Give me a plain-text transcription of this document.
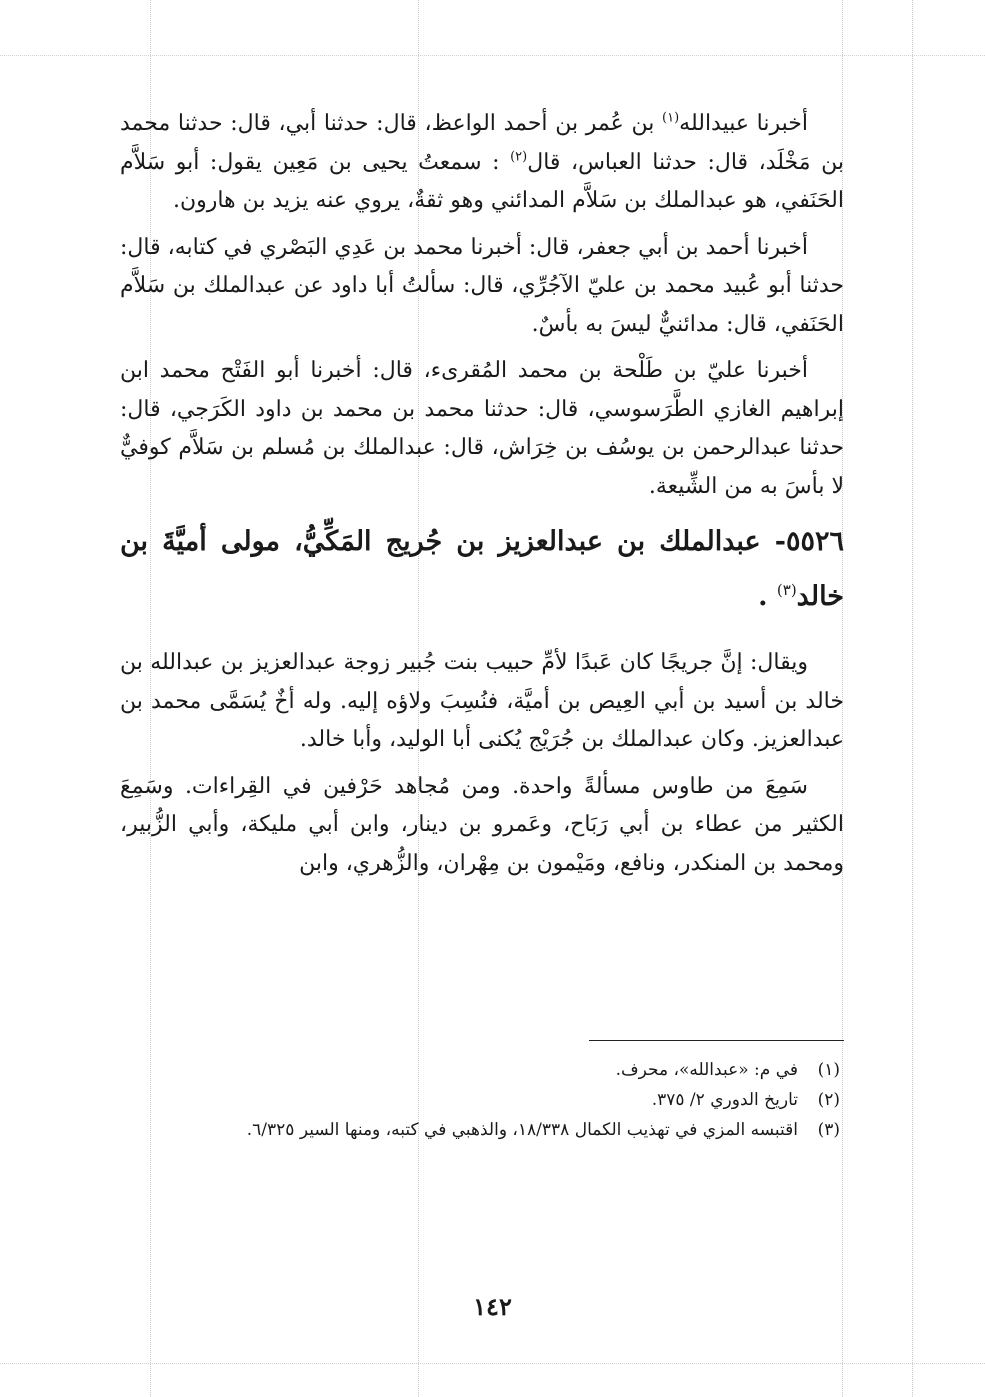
أخبرنا عبيدالله$^{(١)}$ بن عُمر بن أحمد الواعظ، قال: حدثنا أبي، قال: حدثنا محمد بن مَخْلَد، قال: حدثنا العباس، قال$^{(٢)}$ : سمعتُ يحيى بن مَعِين يقول: أبو سَلاَّم الحَنَفي، هو عبدالملك بن سَلاَّم المدائني وهو ثقةٌ، يروي عنه يزيد بن هارون.

أخبرنا أحمد بن أبي جعفر، قال: أخبرنا محمد بن عَدِي البَصْري في كتابه، قال: حدثنا أبو عُبيد محمد بن عليّ الآجُرِّي، قال: سألتُ أبا داود عن عبدالملك بن سَلاَّم الحَنَفي، قال: مدائنيٌّ ليسَ به بأسٌ.

أخبرنا عليّ بن طَلْحة بن محمد المُقرىء، قال: أخبرنا أبو الفَتْح محمد ابن إبراهيم الغازي الطَّرَسوسي، قال: حدثنا محمد بن محمد بن داود الكَرَجي، قال: حدثنا عبدالرحمن بن يوسُف بن خِرَاش، قال: عبدالملك بن مُسلم بن سَلاَّم كوفيٌّ لا بأسَ به من الشِّيعة.

٥٥٢٦- عبدالملك بن عبدالعزيز بن جُريج المَكِّيُّ، مولى أميَّةَ بن خالد$^{(٣)}$ .

ويقال: إنَّ جريجًا كان عَبدًا لأمِّ حبيب بنت جُبير زوجة عبدالعزيز بن عبدالله بن خالد بن أسيد بن أبي العِيص بن أميَّة، فنُسِبَ ولاؤه إليه. وله أخٌ يُسَمَّى محمد بن عبدالعزيز. وكان عبدالملك بن جُرَيْج يُكنى أبا الوليد، وأبا خالد.

سَمِعَ من طاوس مسألةً واحدة. ومن مُجاهد حَرْفين في القِراءات. وسَمِعَ الكثير من عطاء بن أبي رَبَاح، وعَمرو بن دينار، وابن أبي مليكة، وأبي الزُّبير، ومحمد بن المنكدر، ونافع، ومَيْمون بن مِهْران، والزُّهري، وابن

(١)
في م: «عبدالله»، محرف.
(٢)
تاريخ الدوري ٢/ ٣٧٥.
(٣)
اقتبسه المزي في تهذيب الكمال ١٨/٣٣٨، والذهبي في كتبه، ومنها السير ٦/٣٢٥.
١٤٢
